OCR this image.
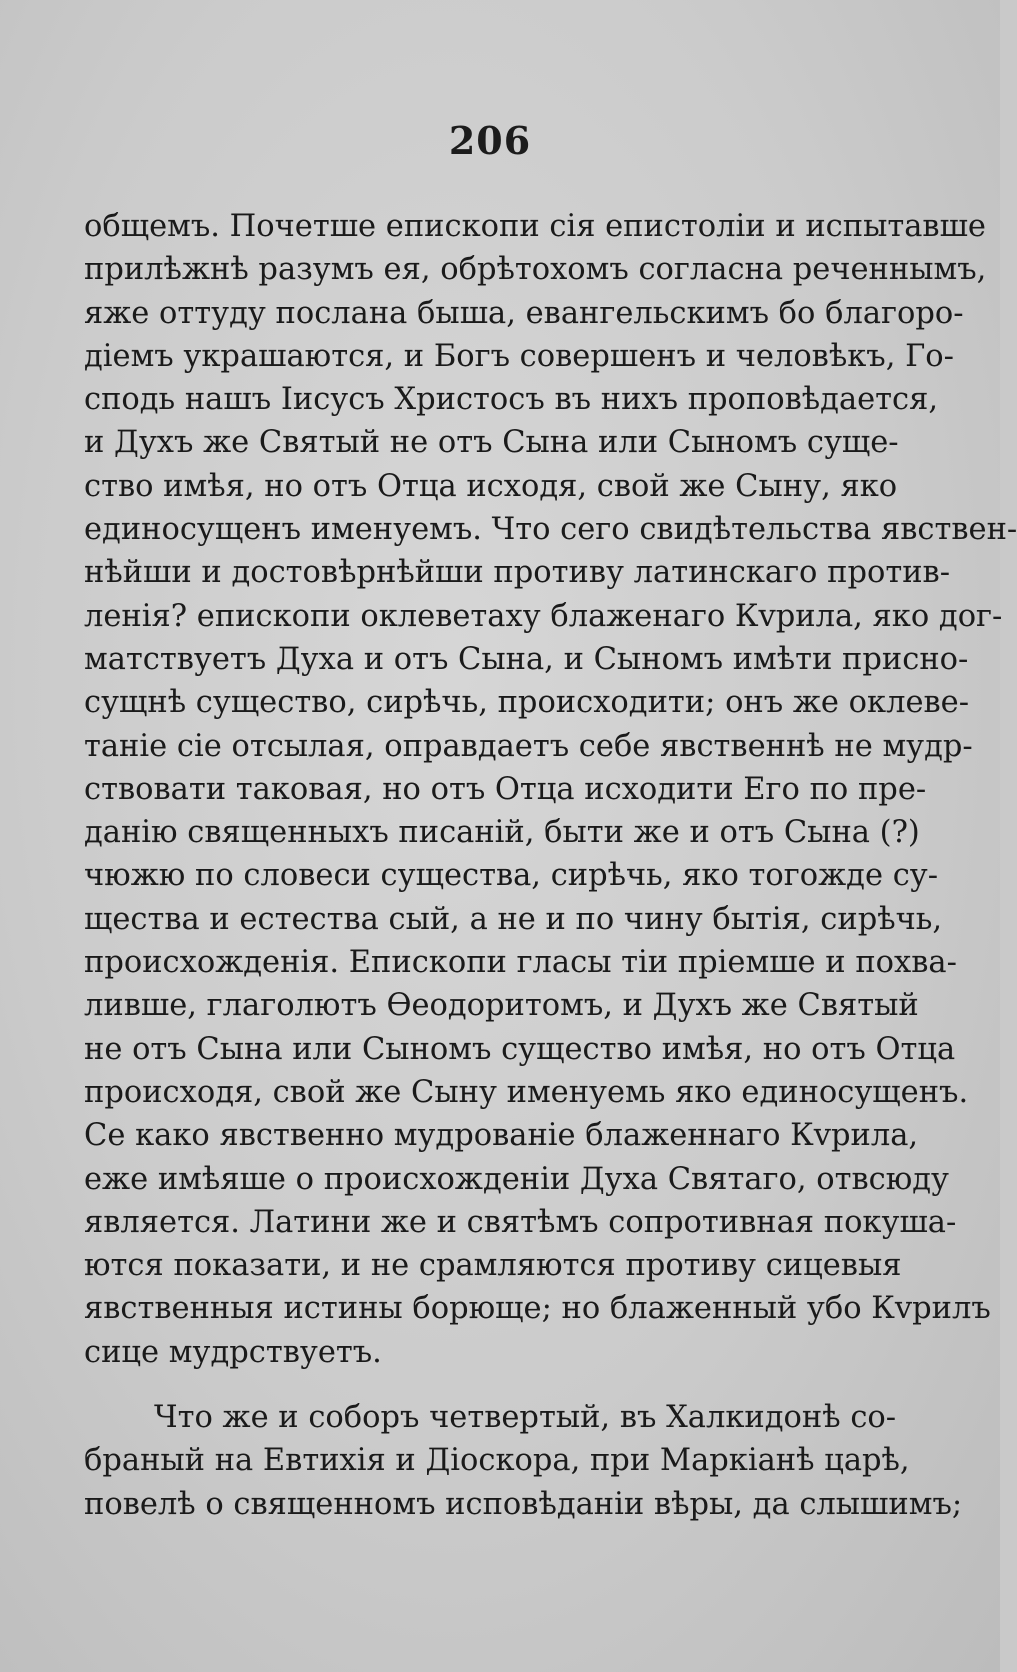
206
общемъ. Почетше епископи сія епистоліи и испытавше
прилѣжнѣ разумъ ея, обрѣтохомъ согласна реченнымъ,
яже оттуду послана быша, евангельскимъ бо благоро-
діемъ украшаются, и Богъ совершенъ и человѣкъ, Го-
сподь нашъ Іисусъ Христосъ въ нихъ проповѣдается,
и Духъ же Святый не отъ Сына или Сыномъ суще-
ство имѣя, но отъ Отца исходя, свой же Сыну, яко
единосущенъ именуемъ. Что сего свидѣтельства явствен-
нѣйши и достовѣрнѣйши противу латинскаго против-
ленія? епископи оклеветаху блаженаго Кvрила, яко дог-
матствуетъ Духа и отъ Сына, и Сыномъ имѣти присно-
сущнѣ существо, сирѣчь, происходити; онъ же оклеве-
таніе сіе отсылая, оправдаетъ себе явственнѣ не мудр-
ствовати таковая, но отъ Отца исходити Его по пре-
данію священныхъ писаній, быти же и отъ Сына (?)
чюжю по словеси существа, сирѣчь, яко тогожде су-
щества и естества сый, а не и по чину бытія, сирѣчь,
происхожденія. Епископи гласы тіи пріемше и похва-
лившe, глаголютъ Ѳеодоритомъ, и Духъ же Святый
не отъ Сына или Сыномъ существо имѣя, но отъ Отца
происходя, свой же Сыну именуемь яко единосущенъ.
Се како явственно мудрованіе блаженнаго Кvрила,
еже имѣяше о происхожденіи Духа Святаго, отвсюду
является. Латини же и святѣмъ сопротивная покуша-
ются показати, и не срамляются противу сицевыя
явственныя истины борюще; но блаженный убо Кvрилъ
сице мудрствуетъ.
Что же и соборъ четвертый, въ Халкидонѣ со-
браный на Евтихія и Діоскора, при Маркіанѣ царѣ,
повелѣ о священномъ исповѣданіи вѣры, да слышимъ;
